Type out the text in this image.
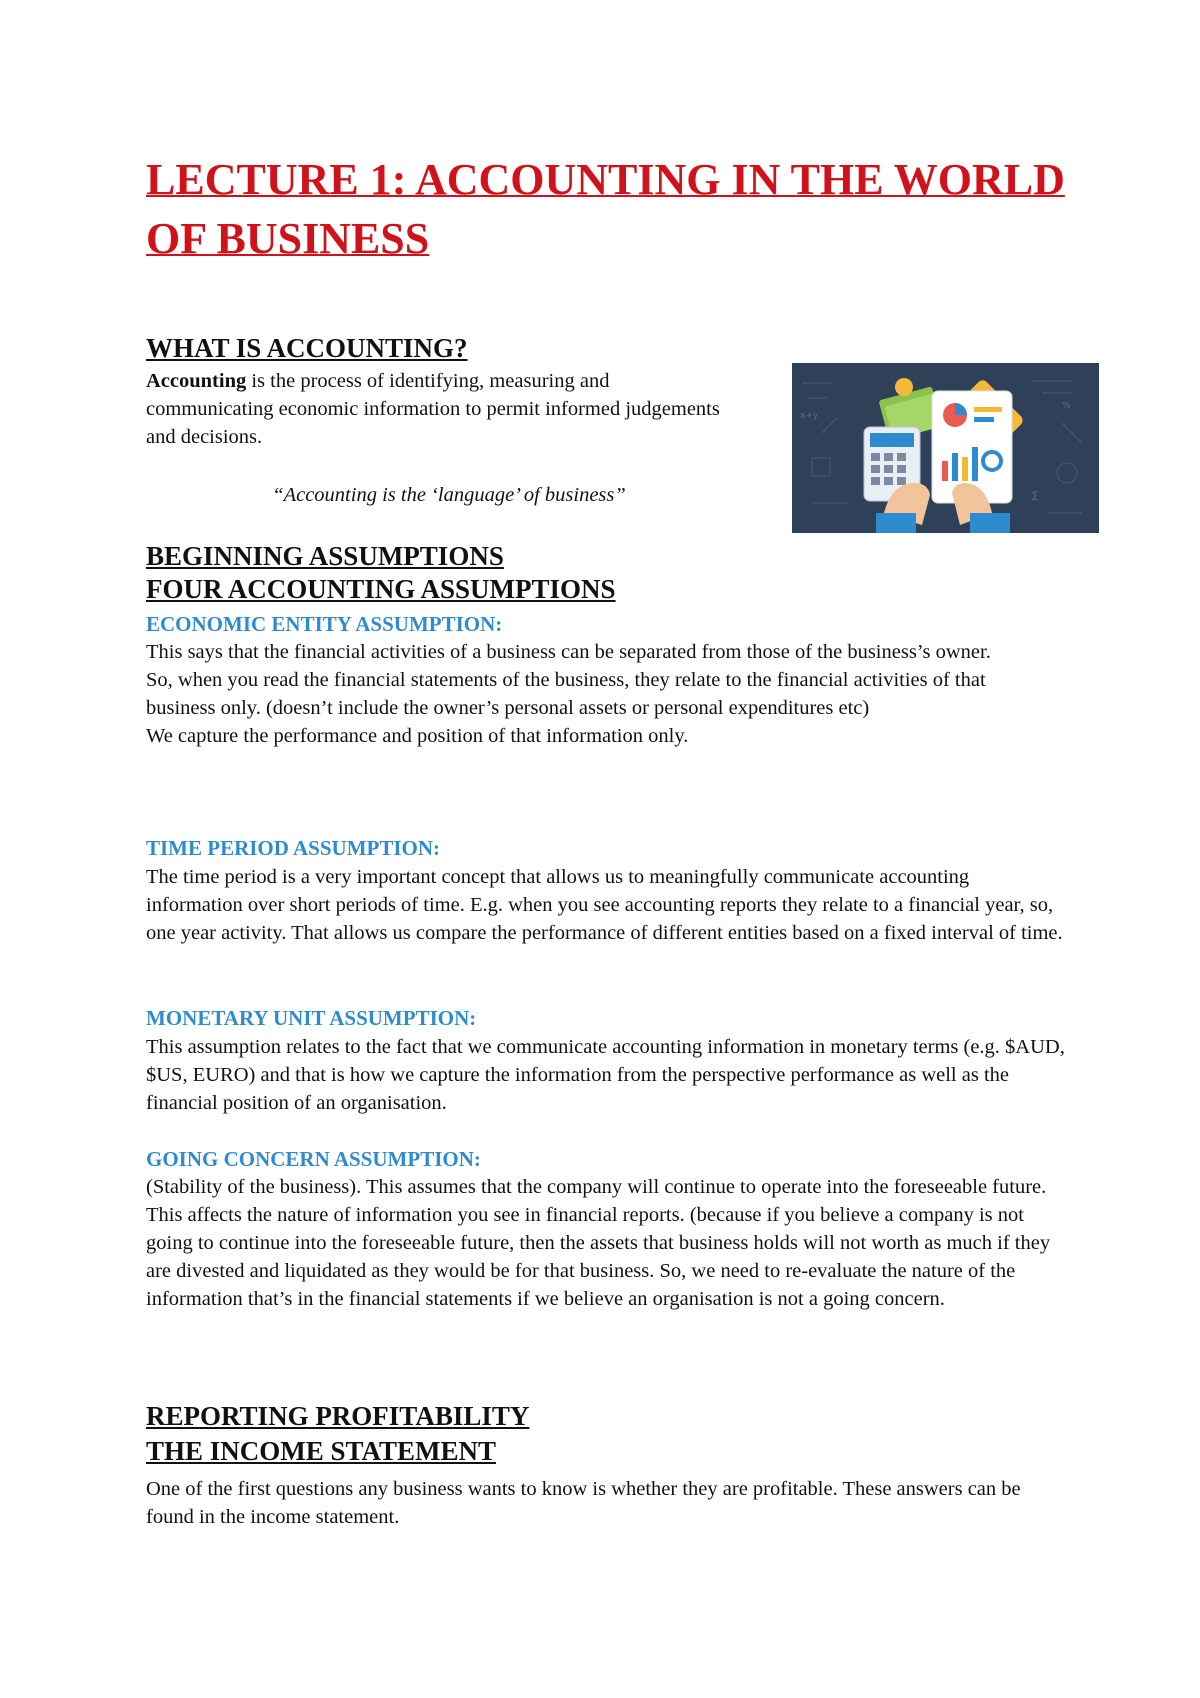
LECTURE 1: ACCOUNTING IN THE WORLD OF BUSINESS
WHAT IS ACCOUNTING?

Accounting is the process of identifying, measuring and communicating economic information to permit informed judgements and decisions.

“Accounting is the ‘language’ of business”

x+y
%
∑
BEGINNING ASSUMPTIONS
FOUR ACCOUNTING ASSUMPTIONS
ECONOMIC ENTITY ASSUMPTION:

This says that the financial activities of a business can be separated from those of the business’s owner.

So, when you read the financial statements of the business, they relate to the financial activities of that business only. (doesn’t include the owner’s personal assets or personal expenditures etc)

We capture the performance and position of that information only.

TIME PERIOD ASSUMPTION:

The time period is a very important concept that allows us to meaningfully communicate accounting information over short periods of time. E.g. when you see accounting reports they relate to a financial year, so, one year activity. That allows us compare the performance of different entities based on a fixed interval of time.

MONETARY UNIT ASSUMPTION:

This assumption relates to the fact that we communicate accounting information in monetary terms (e.g. $AUD, $US, EURO) and that is how we capture the information from the perspective performance as well as the financial position of an organisation.

GOING CONCERN ASSUMPTION:

(Stability of the business). This assumes that the company will continue to operate into the foreseeable future. This affects the nature of information you see in financial reports. (because if you believe a company is not going to continue into the foreseeable future, then the assets that business holds will not worth as much if they are divested and liquidated as they would be for that business. So, we need to re-evaluate the nature of the information that’s in the financial statements if we believe an organisation is not a going concern.

REPORTING PROFITABILITY
THE INCOME STATEMENT

One of the first questions any business wants to know is whether they are profitable. These answers can be found in the income statement.
